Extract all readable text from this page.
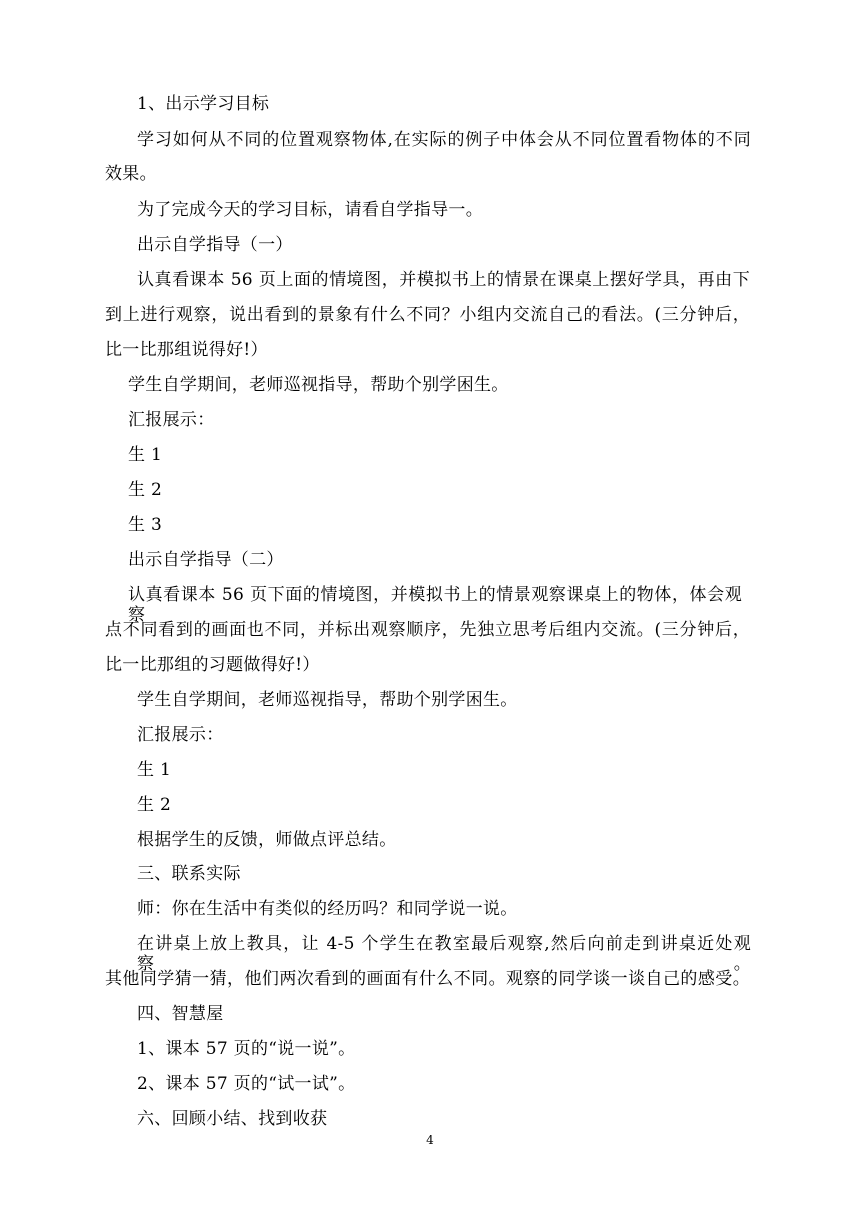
1、出示学习目标
学习如何从不同的位置观察物体,在实际的例子中体会从不同位置看物体的不同
效果。
为了完成今天的学习目标，请看自学指导一。
出示自学指导（一）
认真看课本 56 页上面的情境图，并模拟书上的情景在课桌上摆好学具，再由下
到上进行观察，说出看到的景象有什么不同？小组内交流自己的看法。(三分钟后，
比一比那组说得好!）
学生自学期间，老师巡视指导，帮助个别学困生。
汇报展示：
生 1
生 2
生 3
出示自学指导（二）
认真看课本 56 页下面的情境图，并模拟书上的情景观察课桌上的物体，体会观察
点不同看到的画面也不同，并标出观察顺序，先独立思考后组内交流。(三分钟后，
比一比那组的习题做得好!）
学生自学期间，老师巡视指导，帮助个别学困生。
汇报展示：
生 1
生 2
根据学生的反馈，师做点评总结。
三、联系实际
师：你在生活中有类似的经历吗？和同学说一说。
在讲桌上放上教具，让 4-5 个学生在教室最后观察,然后向前走到讲桌近处观察。
其他同学猜一猜，他们两次看到的画面有什么不同。观察的同学谈一谈自己的感受。
四、智慧屋
1、课本 57 页的“说一说”。
2、课本 57 页的“试一试”。
六、回顾小结、找到收获
4
